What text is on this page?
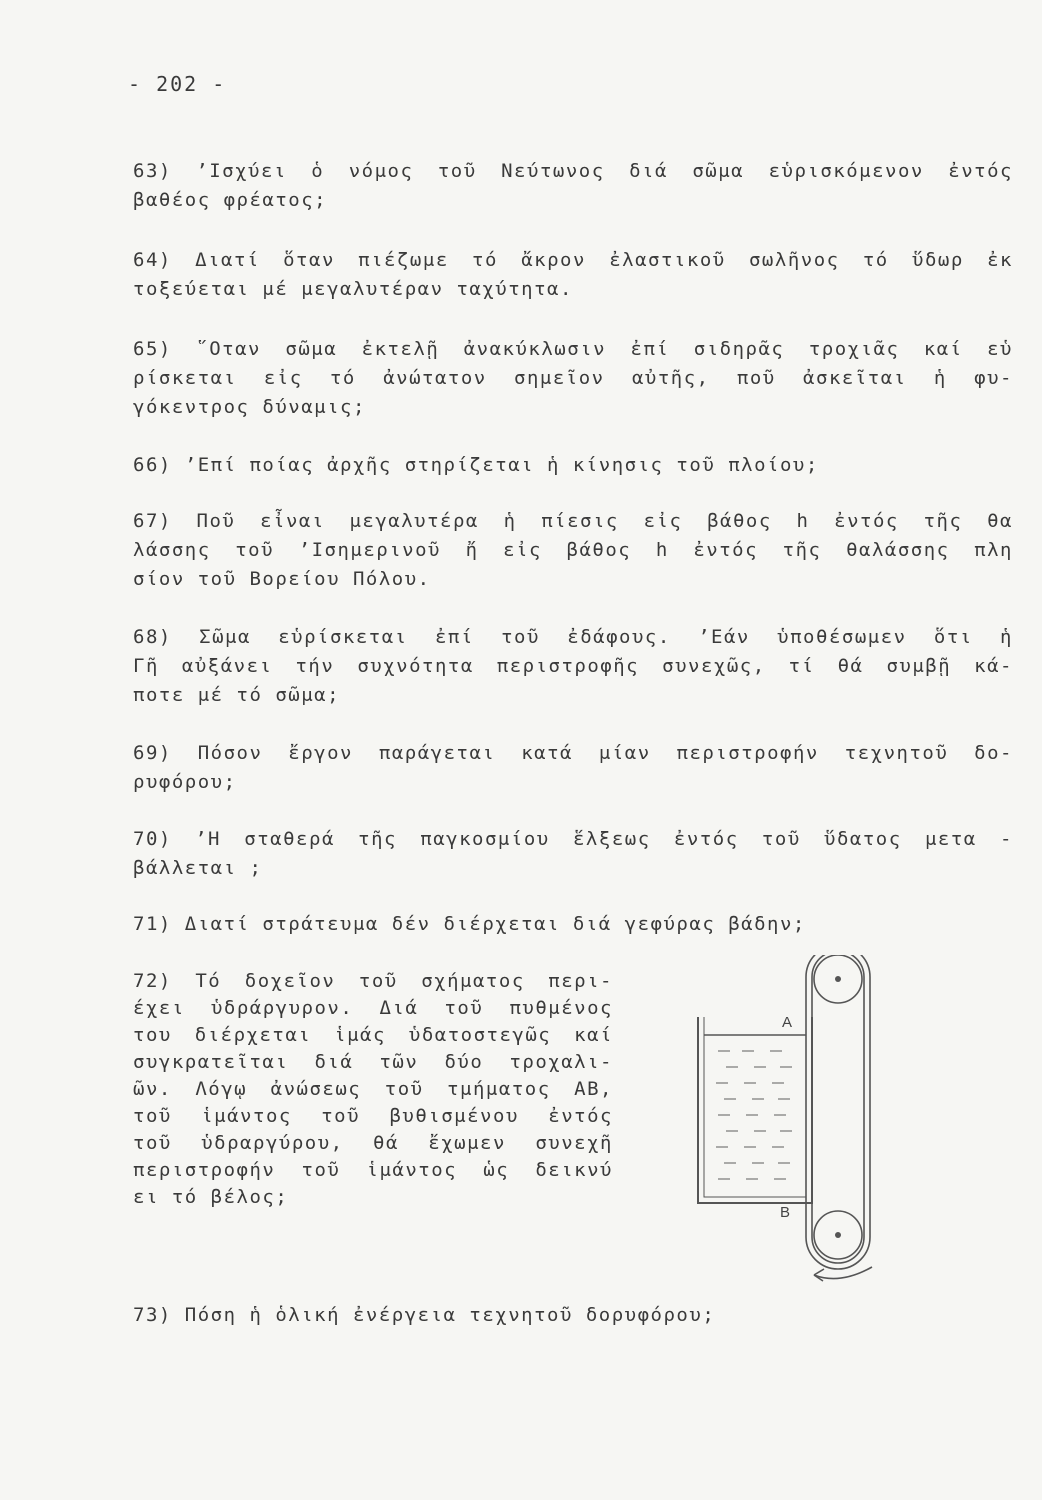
- 202 -
63) ’Ισχύει ὁ νόμος τοῦ Νεύτωνος διά σῶμα εὑρισκόμενον ἐντός
βαθέος φρέατος;
64) Διατί ὅταν πιέζωμε τό ἄκρον ἐλαστικοῦ σωλῆνος τό ὕδωρ ἐκ
τοξεύεται μέ μεγαλυτέραν ταχύτητα.
65) ῞Οταν σῶμα ἐκτελῇ ἀνακύκλωσιν ἐπί σιδηρᾶς τροχιᾶς καί εὑ
ρίσκεται εἰς τό ἀνώτατον σημεῖον αὐτῆς, ποῦ ἀσκεῖται ἡ φυ-
γόκεντρος δύναμις;
66) ’Επί ποίας ἀρχῆς στηρίζεται ἡ κίνησις τοῦ πλοίου;
67) Ποῦ εἶναι μεγαλυτέρα ἡ πίεσις εἰς βάθος h ἐντός τῆς θα
λάσσης τοῦ ’Ισημερινοῦ ἤ εἰς βάθος h ἐντός τῆς θαλάσσης πλη
σίον τοῦ Βορείου Πόλου.
68) Σῶμα εὑρίσκεται ἐπί τοῦ ἐδάφους. ’Εάν ὑποθέσωμεν ὅτι ἡ
Γῆ αὐξάνει τήν συχνότητα περιστροφῆς συνεχῶς, τί θά συμβῇ κά-
ποτε μέ τό σῶμα;
69) Πόσον ἔργον παράγεται κατά μίαν περιστροφήν τεχνητοῦ δο-
ρυφόρου;
70) ’Η σταθερά τῆς παγκοσμίου ἕλξεως ἐντός τοῦ ὕδατος μετα -
βάλλεται ;
71) Διατί στράτευμα δέν διέρχεται διά γεφύρας βάδην;
72) Τό δοχεῖον τοῦ σχήματος περι-
έχει ὑδράργυρον. Διά τοῦ πυθμένος
του διέρχεται ἱμάς ὑδατοστεγῶς καί
συγκρατεῖται διά τῶν δύο τροχαλι-
ῶν. Λόγῳ ἀνώσεως τοῦ τμήματος ΑΒ,
τοῦ ἱμάντος τοῦ βυθισμένου ἐντός
τοῦ ὑδραργύρου, θά ἔχωμεν συνεχῆ
περιστροφήν τοῦ ἱμάντος ὡς δεικνύ
ει τό βέλος;
A
B
73) Πόση ἡ ὁλική ἐνέργεια τεχνητοῦ δορυφόρου;
